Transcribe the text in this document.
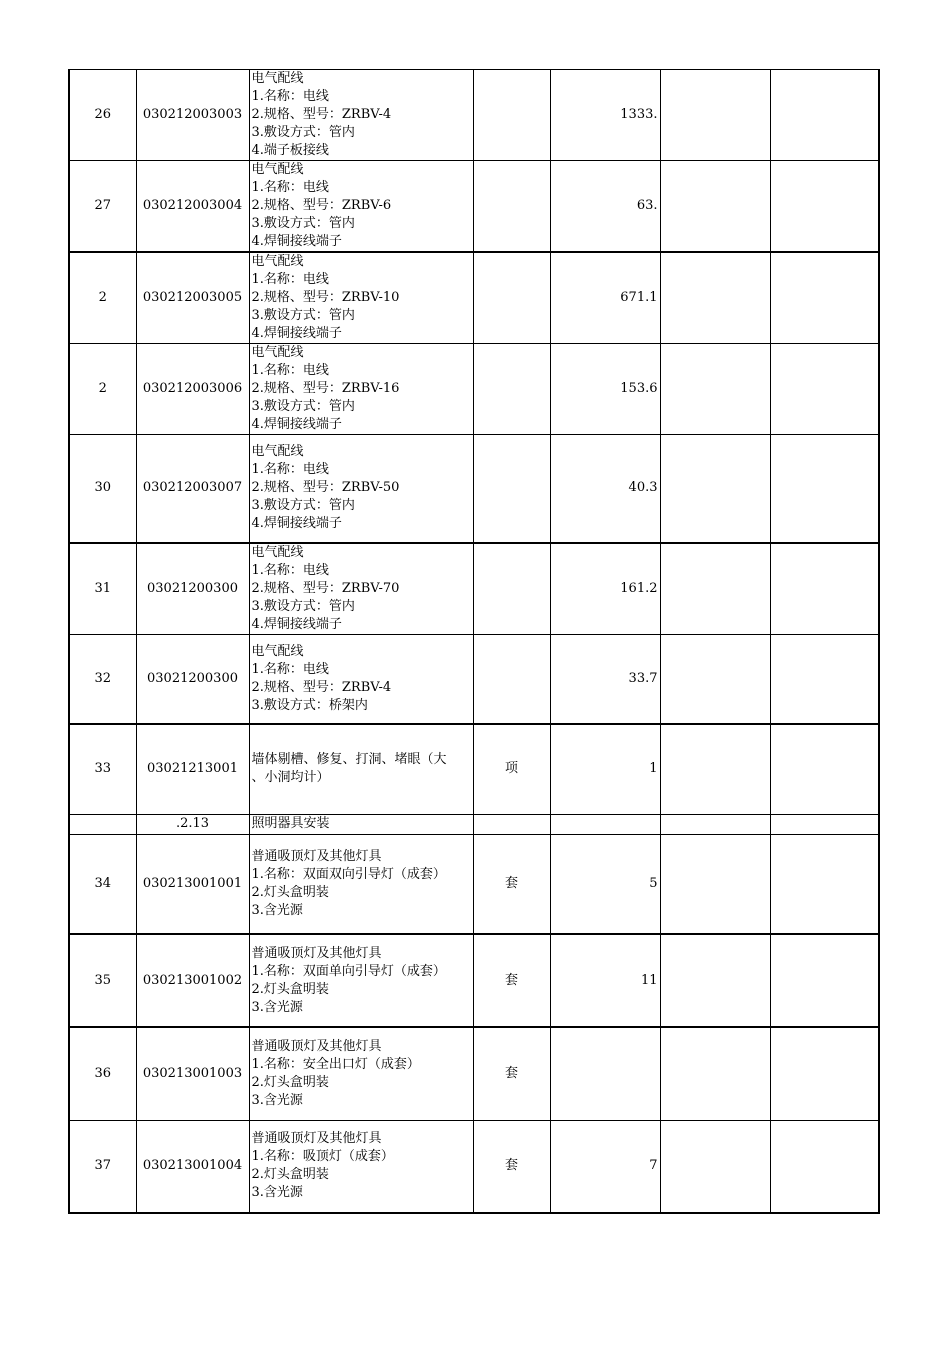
26	030212003003	电气配线
1.名称：电线
2.规格、型号：ZRBV-4
3.敷设方式：管内
4.端子板接线		1333.		
27	030212003004	电气配线
1.名称：电线
2.规格、型号：ZRBV-6
3.敷设方式：管内
4.焊铜接线端子		63.		
2	030212003005	电气配线
1.名称：电线
2.规格、型号：ZRBV-10
3.敷设方式：管内
4.焊铜接线端子		671.1		
2	030212003006	电气配线
1.名称：电线
2.规格、型号：ZRBV-16
3.敷设方式：管内
4.焊铜接线端子		153.6		
30	030212003007	电气配线
1.名称：电线
2.规格、型号：ZRBV-50
3.敷设方式：管内
4.焊铜接线端子		40.3		
31	03021200300	电气配线
1.名称：电线
2.规格、型号：ZRBV-70
3.敷设方式：管内
4.焊铜接线端子		161.2		
32	03021200300	电气配线
1.名称：电线
2.规格、型号：ZRBV-4
3.敷设方式：桥架内		33.7		
33	03021213001	墙体剔槽、修复、打洞、堵眼（大
、小洞均计）	项	1		
	.2.13	照明器具安装				

34	030213001001	普通吸顶灯及其他灯具
1.名称：双面双向引导灯（成套）
2.灯头盒明装
3.含光源	套	5		
35	030213001002	普通吸顶灯及其他灯具
1.名称：双面单向引导灯（成套）
2.灯头盒明装
3.含光源	套	11		
36	030213001003	普通吸顶灯及其他灯具
1.名称：安全出口灯（成套）
2.灯头盒明装
3.含光源	套			
37	030213001004	普通吸顶灯及其他灯具
1.名称：吸顶灯（成套）
2.灯头盒明装
3.含光源	套	7		
